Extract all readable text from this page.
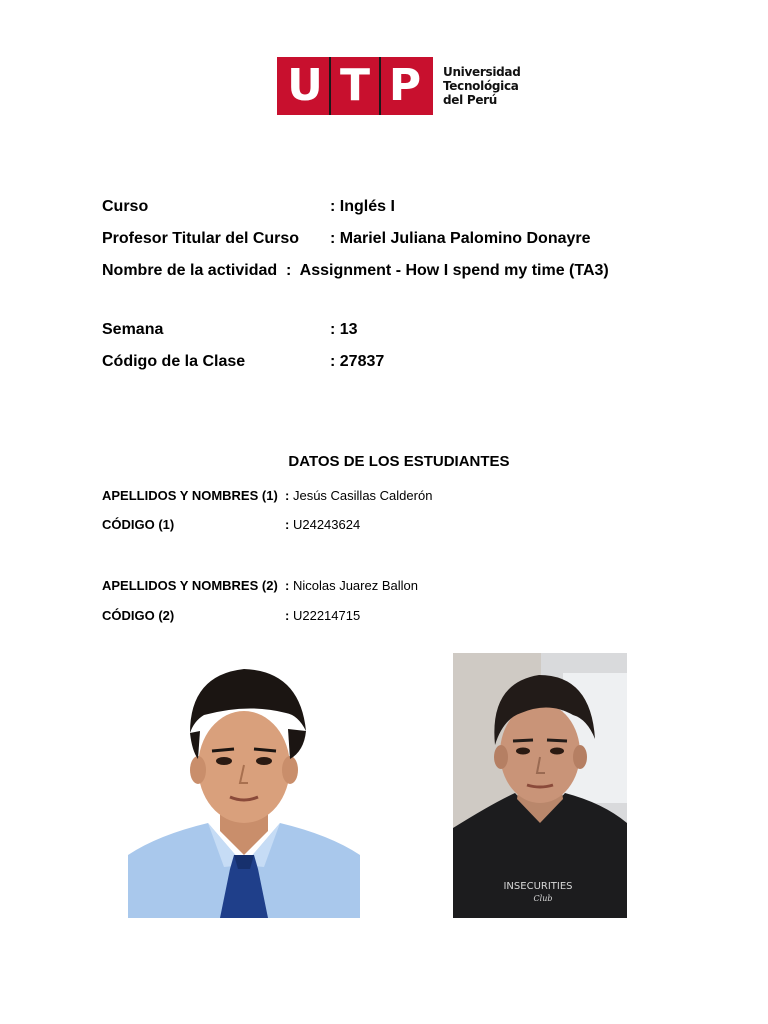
U T P Universidad
Tecnológica
del Perú
Curso	: Inglés I
Profesor Titular del Curso : Mariel Juliana Palomino Donayre
Nombre de la actividad  :  Assignment - How I spend my time (TA3)
Semana	: 13
Código de la Clase	: 27837
DATOS DE LOS ESTUDIANTES
APELLIDOS Y NOMBRES (1) : Jesús Casillas Calderón
CÓDIGO (1)	: U24243624
APELLIDOS Y NOMBRES (2) : Nicolas Juarez Ballon
CÓDIGO (2)	: U22214715
INSECURITIES
Club
